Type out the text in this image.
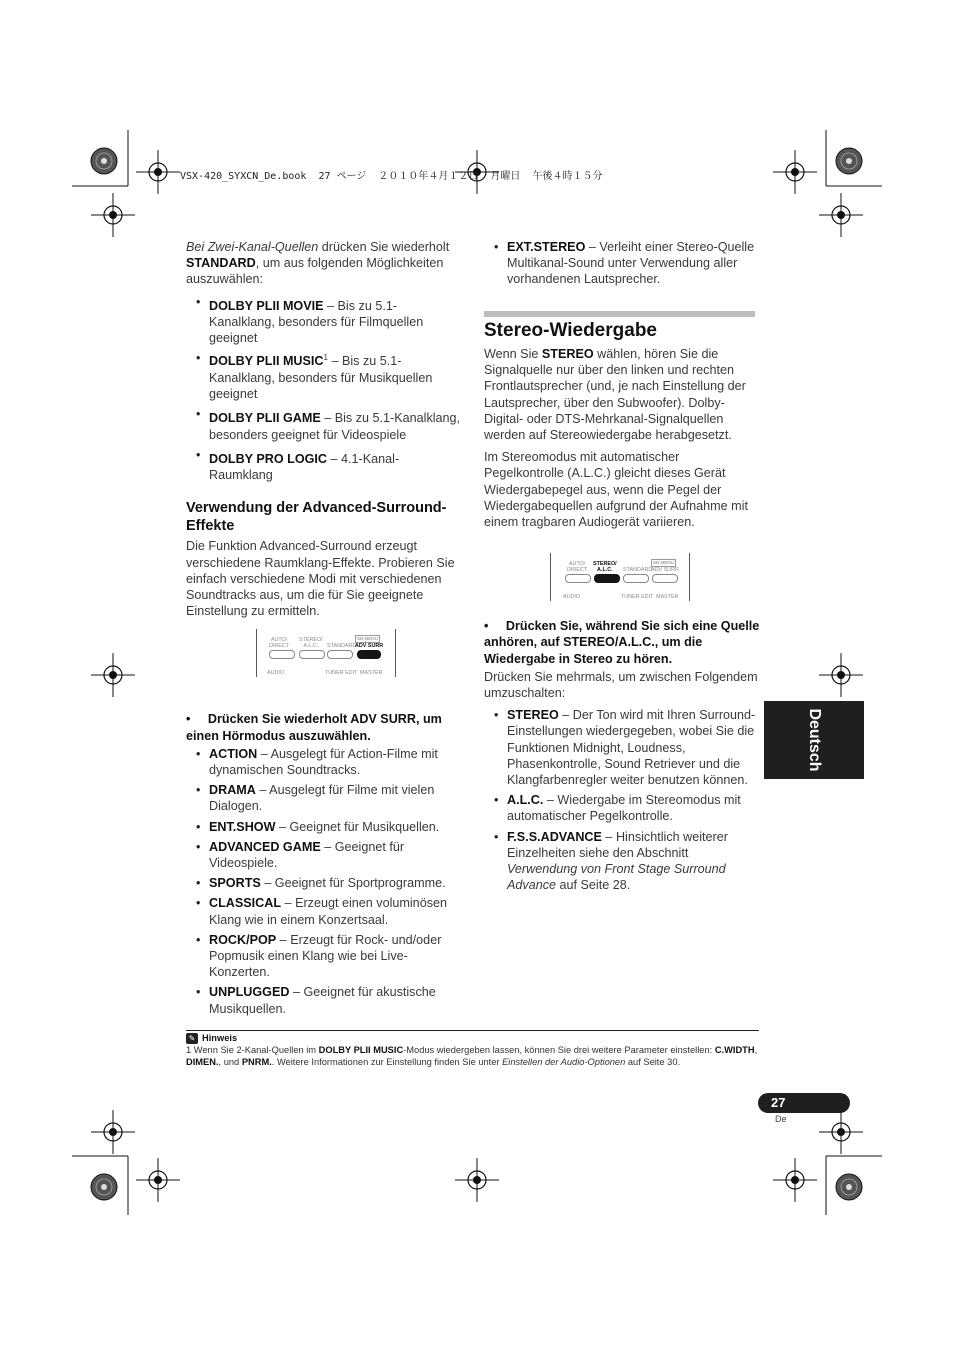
VSX-420_SYXCN_De.book  27 ページ  ２０１０年４月１２日  月曜日  午後４時１５分

Bei Zwei-Kanal-Quellen drücken Sie wiederholt STANDARD, um aus folgenden Möglichkeiten auszuwählen:

• DOLBY PLII MOVIE – Bis zu 5.1-Kanalklang, besonders für Filmquellen geeignet
• DOLBY PLII MUSIC$^1$ – Bis zu 5.1-Kanalklang, besonders für Musikquellen geeignet
• DOLBY PLII GAME – Bis zu 5.1-Kanalklang, besonders geeignet für Videospiele
• DOLBY PRO LOGIC – 4.1-Kanal-Raumklang
Verwendung der Advanced-Surround-Effekte

Die Funktion Advanced-Surround erzeugt verschiedene Raumklang-Effekte. Probieren Sie einfach verschiedene Modi mit verschiedenen Soundtracks aus, um die für Sie geeignete Einstellung zu ermitteln.

• Drücken Sie wiederholt ADV SURR, um einen Hörmodus auszuwählen.
• ACTION – Ausgelegt für Action-Filme mit dynamischen Soundtracks.
• DRAMA – Ausgelegt für Filme mit vielen Dialogen.
• ENT.SHOW – Geeignet für Musikquellen.
• ADVANCED GAME – Geeignet für Videospiele.
• SPORTS – Geeignet für Sportprogramme.
• CLASSICAL – Erzeugt einen voluminösen Klang wie in einem Konzertsaal.
• ROCK/POP – Erzeugt für Rock- und/oder Popmusik einen Klang wie bei Live-Konzerten.
• UNPLUGGED – Geeignet für akustische Musikquellen.
AUTO/
DIRECT
STEREO/
A.L.C.	STANDARD
SB MENU
ADV SURR
AUDIO	TUNER EDIT MASTER
• EXT.STEREO – Verleiht einer Stereo-Quelle Multikanal-Sound unter Verwendung aller vorhandenen Lautsprecher.
Stereo-Wiedergabe

Wenn Sie STEREO wählen, hören Sie die Signalquelle nur über den linken und rechten Frontlautsprecher (und, je nach Einstellung der Lautsprecher, über den Subwoofer). Dolby-Digital- oder DTS-Mehrkanal-Signalquellen werden auf Stereowiedergabe herabgesetzt.

Im Stereomodus mit automatischer Pegelkontrolle (A.L.C.) gleicht dieses Gerät Wiedergabepegel aus, wenn die Pegel der Wiedergabequellen aufgrund der Aufnahme mit einem tragbaren Audiogerät variieren.

• Drücken Sie, während Sie sich eine Quelle anhören, auf STEREO/A.L.C., um die Wiedergabe in Stereo zu hören.

Drücken Sie mehrmals, um zwischen Folgendem umzuschalten:

• STEREO – Der Ton wird mit Ihren Surround-Einstellungen wiedergegeben, wobei Sie die Funktionen Midnight, Loudness, Phasenkontrolle, Sound Retriever und die Klangfarbenregler weiter benutzen können.
• A.L.C. – Wiedergabe im Stereomodus mit automatischer Pegelkontrolle.
• F.S.S.ADVANCE – Hinsichtlich weiterer Einzelheiten siehe den Abschnitt Verwendung von Front Stage Surround Advance auf Seite 28.
AUTO/
DIRECT
STEREO/
A.L.C.	STANDARD
SB MENU
ADV SURR
AUDIO	TUNER EDIT MASTER
Deutsch
✎ Hinweis
1 Wenn Sie 2-Kanal-Quellen im DOLBY PLII MUSIC-Modus wiedergeben lassen, können Sie drei weitere Parameter einstellen: C.WIDTH, DIMEN., und PNRM.. Weitere Informationen zur Einstellung finden Sie unter Einstellen der Audio-Optionen auf Seite 30.
27
De
